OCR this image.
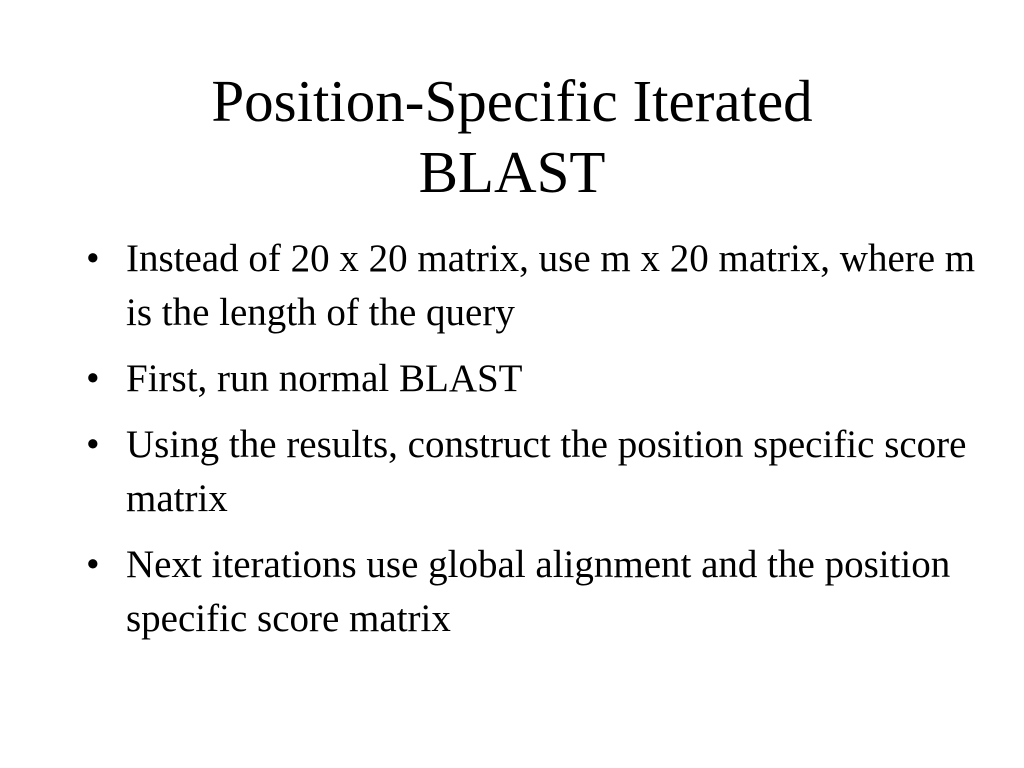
Position-Specific Iterated
BLAST
• Instead of 20 x 20 matrix, use m x 20 matrix, where m is the length of the query
• First, run normal BLAST
• Using the results, construct the position specific score matrix
• Next iterations use global alignment and the position specific score matrix
